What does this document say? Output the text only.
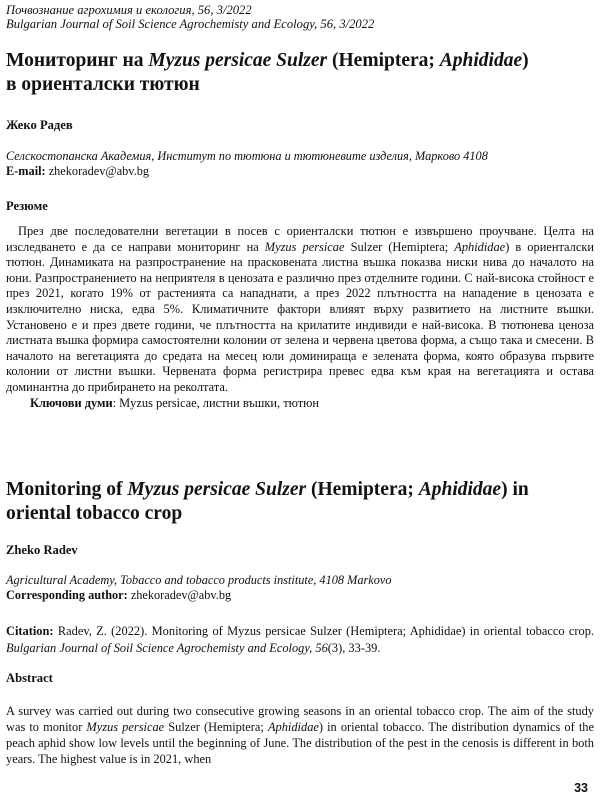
Почвознание агрохимия и екология, 56, 3/2022
Bulgarian Journal of Soil Science Agrochemisty and Ecology, 56, 3/2022
Мониторинг на Myzus persicae Sulzer (Hemiptera; Aphididae)
в ориенталски тютюн
Жеко Радев
Селскостопанска Академия, Институт по тютюна и тютюневите изделия, Марково 4108
E-mail: zhekoradev@abv.bg
Резюме

През две последователни вегетации в посев с ориенталски тютюн е извършено проучване. Целта на изследването е да се направи мониторинг на Myzus persicae Sulzer (Hemiptera; Aphididae) в ориенталски тютюн. Динамиката на разпространение на прасковената листна въшка показва ниски нива до началото на юни. Разпространението на неприятеля в ценозата е различно през отделните години. С най-висока стойност е през 2021, когато 19% от растенията са нападнати, а през 2022 плътността на нападение в ценозата е изключително ниска, едва 5%. Климатичните фактори влияят върху развитието на листните въшки. Установено е и през двете години, че плътността на крилатите индивиди е най-висока. В тютюнева ценоза листната въшка формира самостоятелни колонии от зелена и червена цветова форма, а също така и смесени. В началото на вегетацията до средата на месец юли доминираща е зелената форма, която образува първите колонии от листни въшки. Червената форма регистрира превес едва към края на вегетацията и остава доминантна до прибирането на реколтата.

Ключови думи: Myzus persicae, листни въшки, тютюн

Monitoring of Myzus persicae Sulzer (Hemiptera; Aphididae) in
oriental tobacco crop
Zheko Radev
Agricultural Academy, Tobacco and tobacco products institute, 4108 Markovo
Corresponding author: zhekoradev@abv.bg
Citation: Radev, Z. (2022). Monitoring of Myzus persicae Sulzer (Hemiptera; Aphididae) in oriental tobacco crop. Bulgarian Journal of Soil Science Agrochemisty and Ecology, 56(3), 33-39.
Abstract
A survey was carried out during two consecutive growing seasons in an oriental tobacco crop. The aim of the study was to monitor Myzus persicae Sulzer (Hemiptera; Aphididae) in oriental tobacco. The distribution dynamics of the peach aphid show low levels until the beginning of June. The distribution of the pest in the cenosis is different in both years. The highest value is in 2021, when
33
